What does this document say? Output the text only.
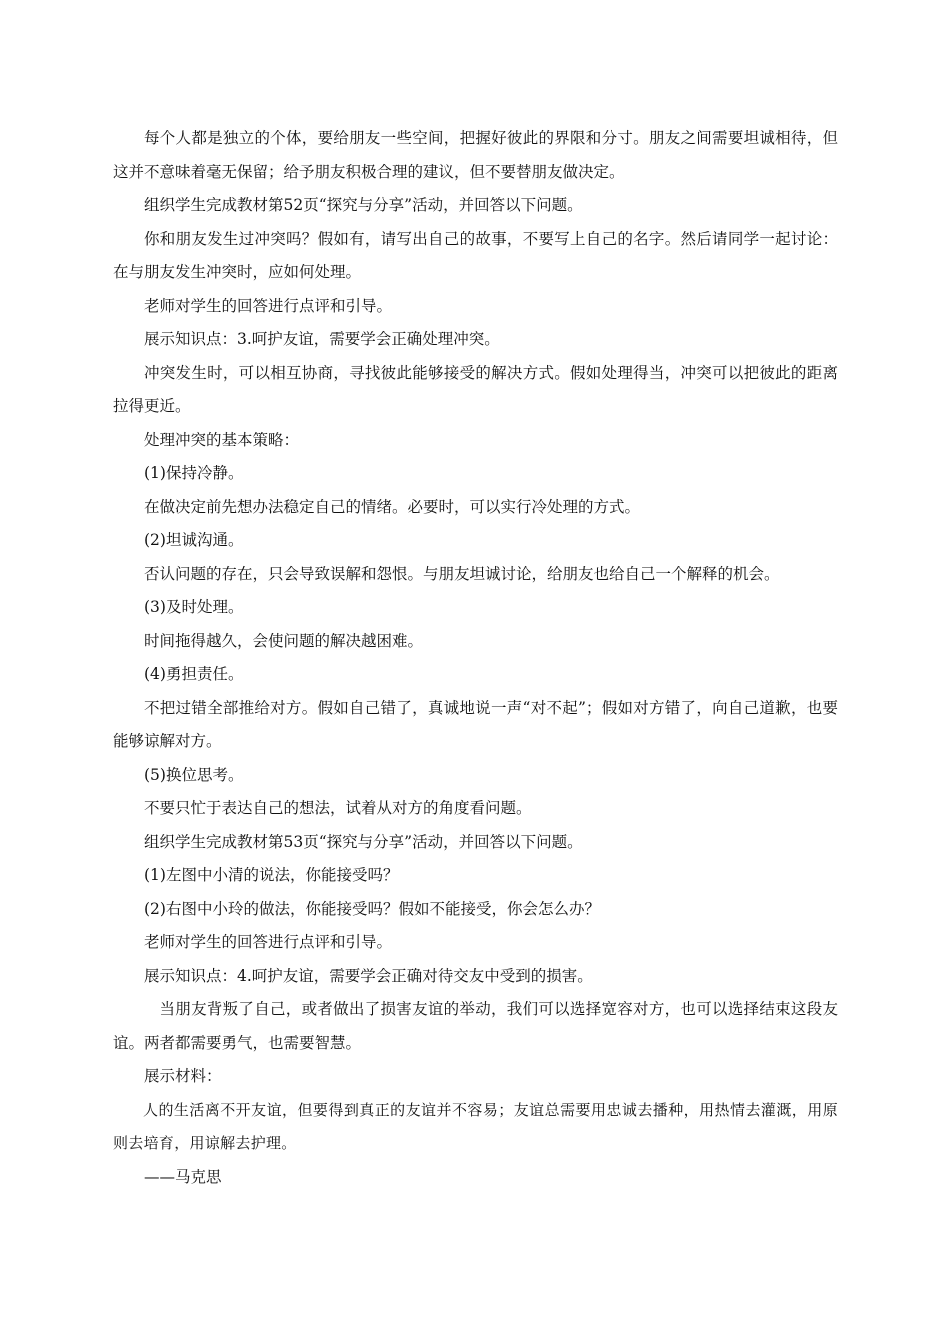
每个人都是独立的个体，要给朋友一些空间，把握好彼此的界限和分寸。朋友之间需要坦诚相待，但这并不意味着毫无保留；给予朋友积极合理的建议，但不要替朋友做决定。

组织学生完成教材第52页“探究与分享”活动，并回答以下问题。

你和朋友发生过冲突吗？假如有，请写出自己的故事，不要写上自己的名字。然后请同学一起讨论：在与朋友发生冲突时，应如何处理。

老师对学生的回答进行点评和引导。

展示知识点：3.呵护友谊，需要学会正确处理冲突。

冲突发生时，可以相互协商，寻找彼此能够接受的解决方式。假如处理得当，冲突可以把彼此的距离拉得更近。

处理冲突的基本策略：

(1)保持冷静。

在做决定前先想办法稳定自己的情绪。必要时，可以实行冷处理的方式。

(2)坦诚沟通。

否认问题的存在，只会导致误解和怨恨。与朋友坦诚讨论，给朋友也给自己一个解释的机会。

(3)及时处理。

时间拖得越久，会使问题的解决越困难。

(4)勇担责任。

不把过错全部推给对方。假如自己错了，真诚地说一声“对不起”；假如对方错了，向自己道歉，也要能够谅解对方。

(5)换位思考。

不要只忙于表达自己的想法，试着从对方的角度看问题。

组织学生完成教材第53页“探究与分享”活动，并回答以下问题。

(1)左图中小清的说法，你能接受吗？

(2)右图中小玲的做法，你能接受吗？假如不能接受，你会怎么办？

老师对学生的回答进行点评和引导。

展示知识点：4.呵护友谊，需要学会正确对待交友中受到的损害。

当朋友背叛了自己，或者做出了损害友谊的举动，我们可以选择宽容对方，也可以选择结束这段友谊。两者都需要勇气，也需要智慧。

展示材料：

人的生活离不开友谊，但要得到真正的友谊并不容易；友谊总需要用忠诚去播种，用热情去灌溉，用原则去培育，用谅解去护理。

——马克思
